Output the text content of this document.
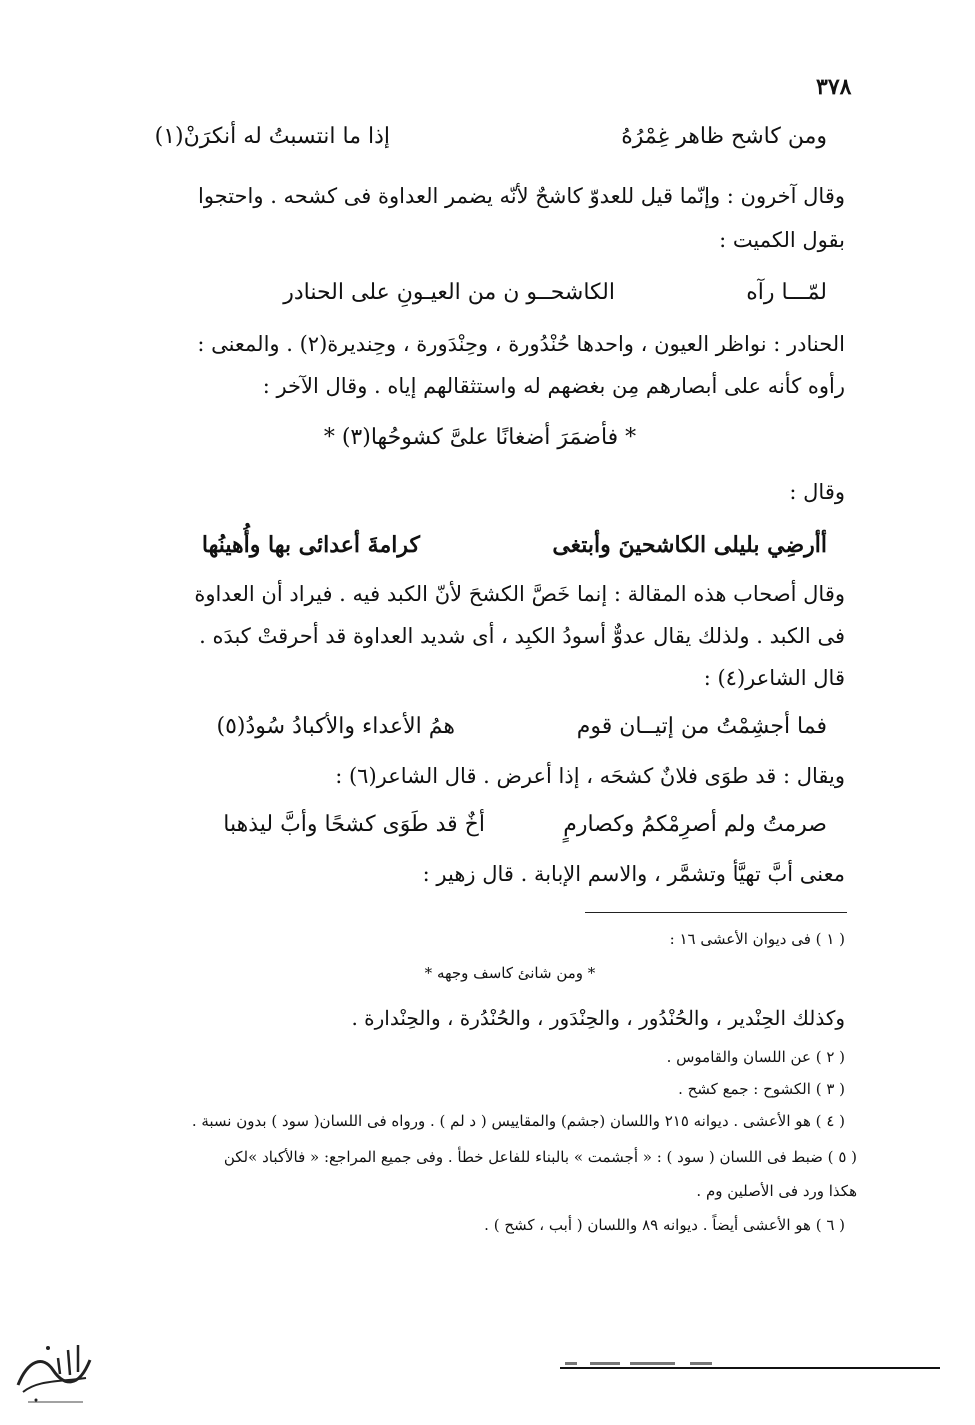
٣٧٨
ومن كاشح ظاهر غِمْرُهُ
إذا ما انتسبتُ له أنكرَنْ(١)
وقال آخرون : وإنّما قيل للعدوّ كاشحٌ لأنّه يضمر العداوة فى كشحه . واحتجوا
بقول الكميت :
لمّـــا رآه
الكاشحــو ن من العيـونِ على الحنادر
الحنادر : نواظر العيون ، واحدها حُنْدُورة ، وحِنْدَورة ، وحِنديرة(٢) . والمعنى :
رأوه كأنه على أبصارهم مِن بغضهم له واستثقالهم إياه . وقال الآخر :
* فأضمَرَ أضغانًا علىَّ كشوحُها(٣) *
وقال :
أأرضِي بليلى الكاشحينَ وأبتغى
كرامةَ أعدائى بها وأُهينُها
وقال أصحاب هذه المقالة : إنما خَصَّ الكشحَ لأنّ الكبد فيه . فيراد أن العداوة
فى الكبد . ولذلك يقال عدوٌّ أسودُ الكبِد ، أى شديد العداوة قد أحرقتْ كبدَه .
قال الشاعر(٤) :
فما أجشِمْتُ من إتيــان قوم
همُ الأعداء والأكبادُ سُودُ(٥)
ويقال : قد طوَى فلانٌ كشحَه ، إذا أعرض . قال الشاعر(٦) :
صرمتُ ولم أصرِمْكمُ وكصارمٍ
أخٌ قد طَوَى كشحًا وأبَّ ليذهبا
معنى أبَّ تهيَّأ وتشمَّر ، والاسم الإبابة . قال زهير :
( ١ ) فى ديوان الأعشى ١٦ :
* ومن شانئ كاسف وجهه *
وكذلك الحِنْدير ، والحُنْدُور ، والحِنْدَور ، والحُنْدُرة ، والحِنْدارة .
( ٢ ) عن اللسان والقاموس .
( ٣ ) الكشوح : جمع كشح .
( ٤ ) هو الأعشى . ديوانه ٢١٥ واللسان (جشم) والمقاييس ( د لم ) . ورواه فى اللسان( سود ) بدون نسبة .
( ٥ ) ضبط فى اللسان ( سود ) : « أجشمت » بالبناء للفاعل خطأ . وفى جميع المراجع: « فالأكباد »لكن
هكذا ورد فى الأصلين وم .
( ٦ ) هو الأعشى أيضاً . ديوانه ٨٩ واللسان ( أبب ، كشح ) .
